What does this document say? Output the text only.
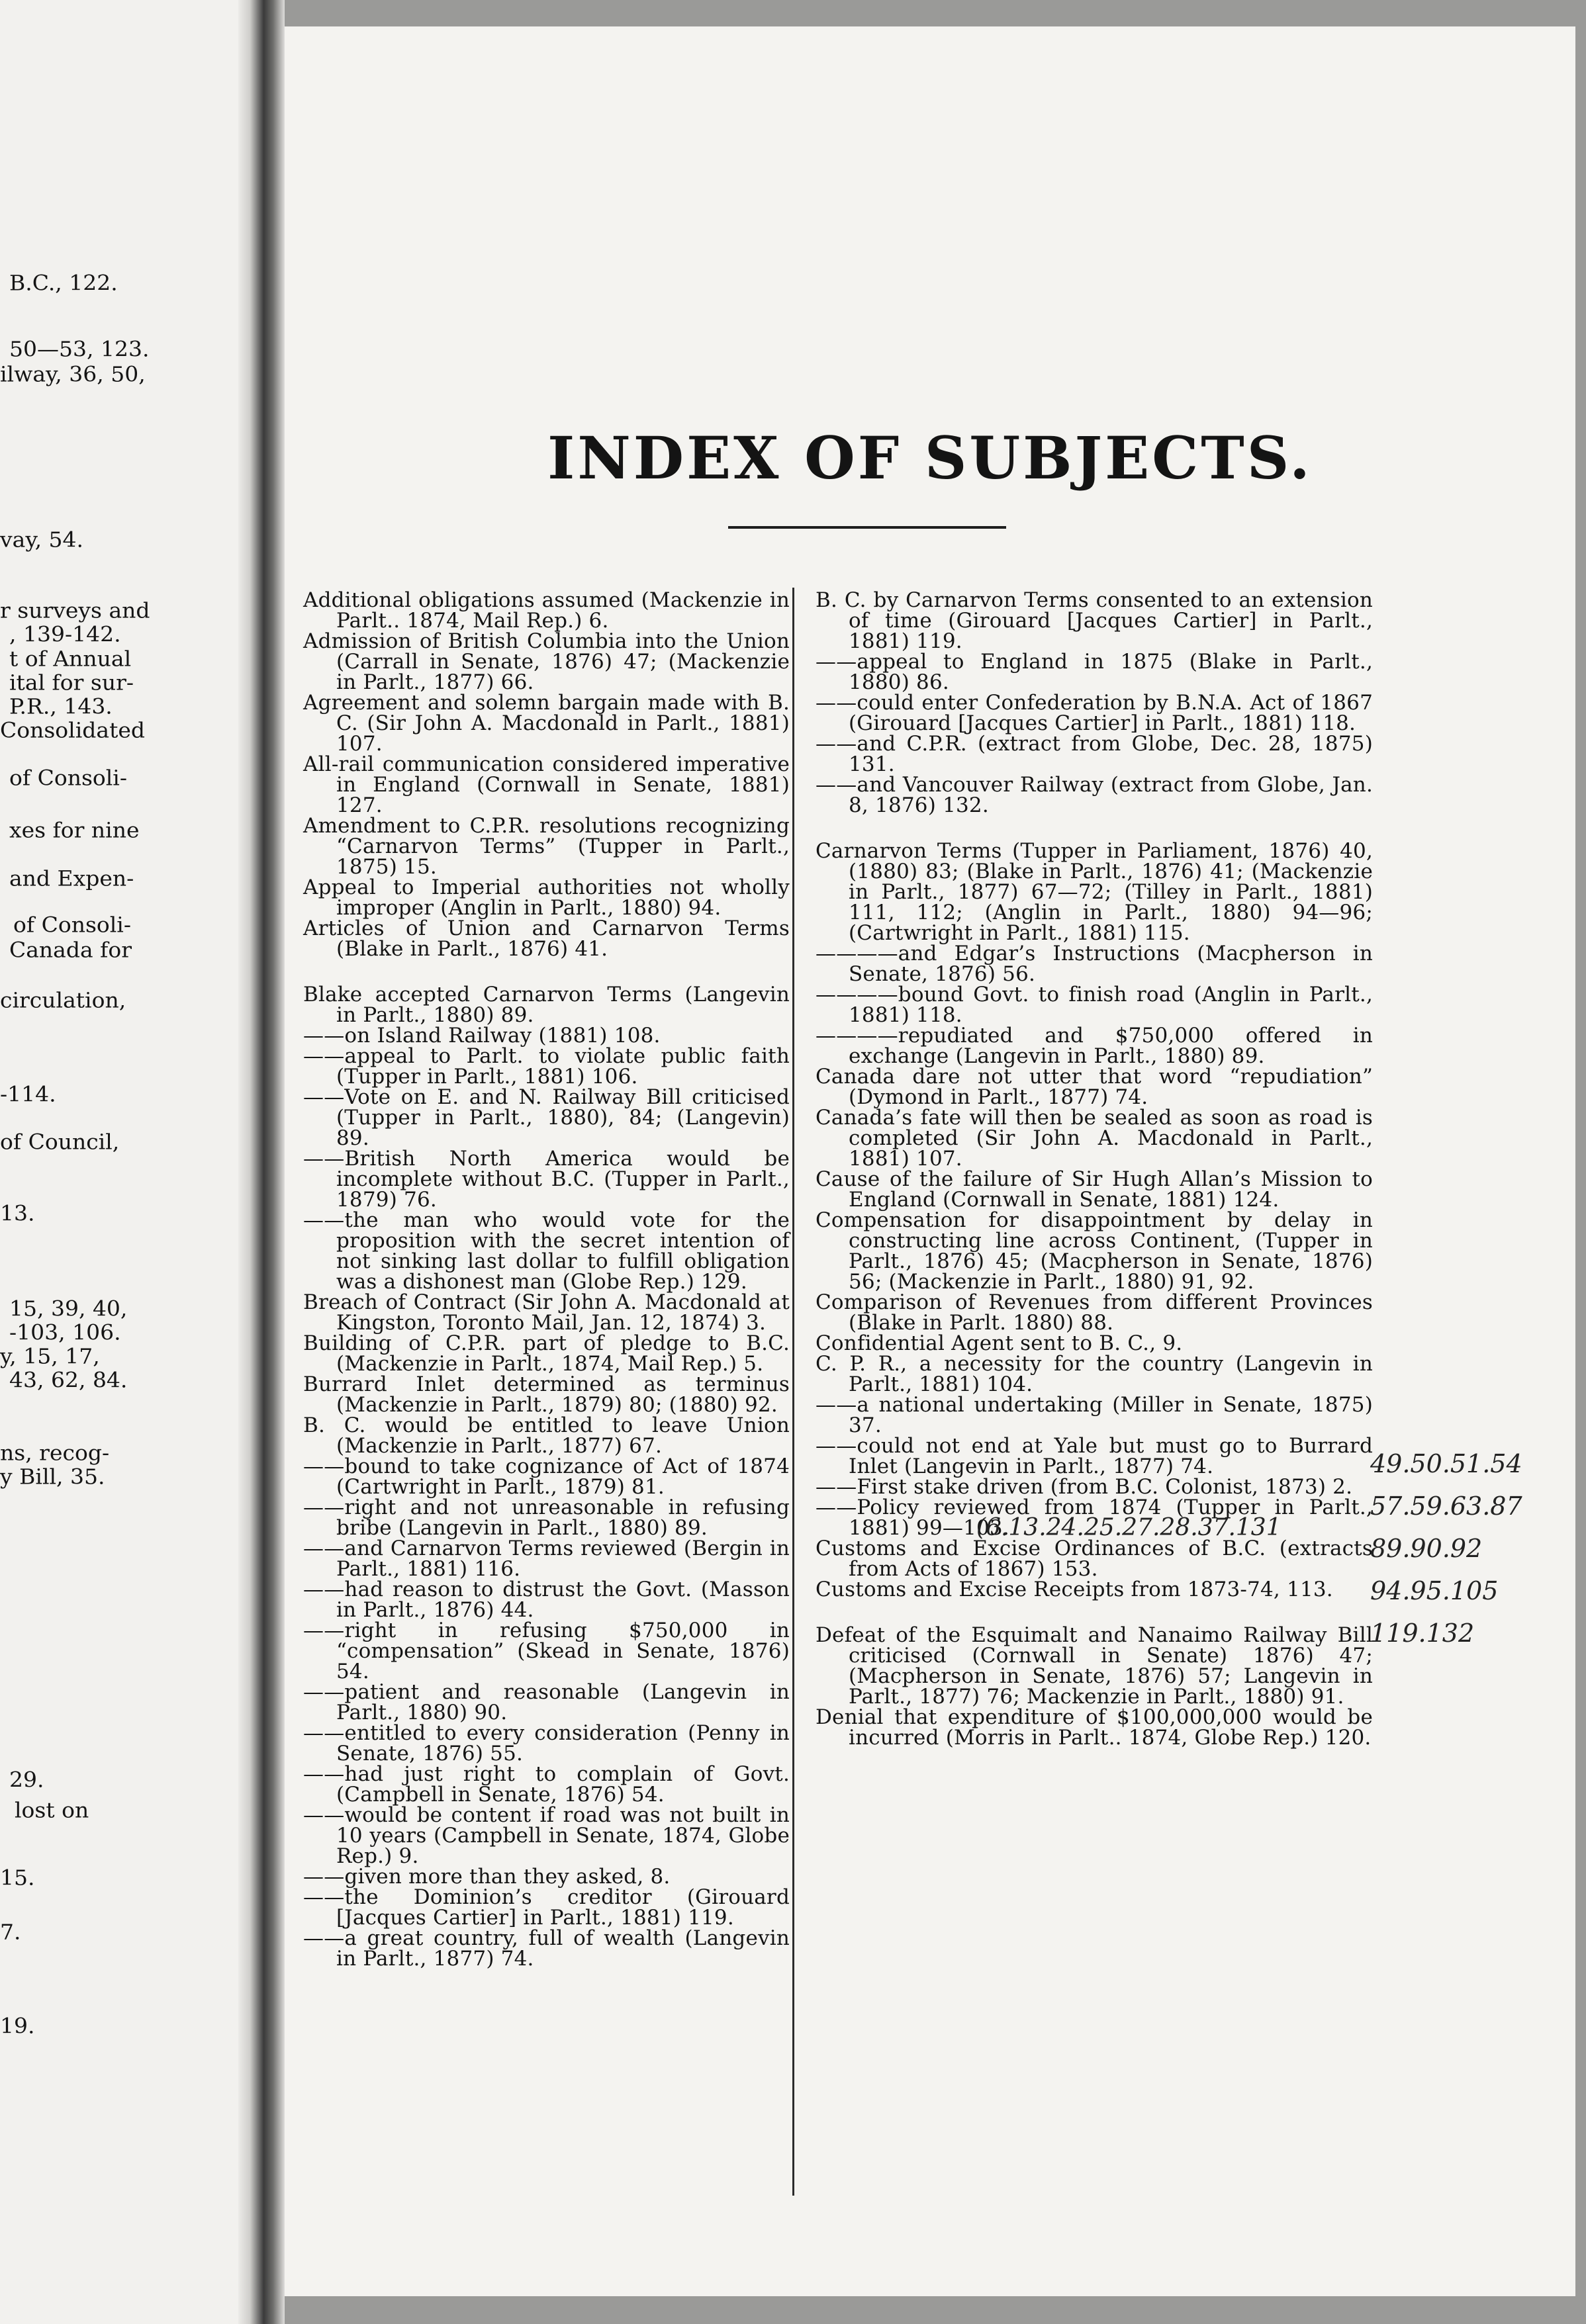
B.C., 122.
50—53, 123.
ilway, 36, 50,
vay, 54.
r surveys and
, 139-142.
t of Annual
ital for sur-
P.R., 143.
Consolidated
of Consoli-
xes for nine
and Expen-
of Consoli-
Canada for
circulation,
-114.
of Council,
13.
15, 39, 40,
-103, 106.
y, 15, 17,
43, 62, 84.
ns, recog-
y Bill, 35.
29.
lost on
15.
7.
19.
INDEX OF SUBJECTS.

Additional obligations assumed (Mackenzie in Parlt.. 1874, Mail Rep.) 6.

Admission of British Columbia into the Union (Carrall in Senate, 1876) 47; (Mackenzie in Parlt., 1877) 66.

Agreement and solemn bargain made with B. C. (Sir John A. Macdonald in Parlt., 1881) 107.

All-rail communication considered imperative in England (Cornwall in Senate, 1881) 127.

Amendment to C.P.R. resolutions recognizing “Carnarvon Terms” (Tupper in Parlt., 1875) 15.

Appeal to Imperial authorities not wholly improper (Anglin in Parlt., 1880) 94.

Articles of Union and Carnarvon Terms (Blake in Parlt., 1876) 41.

Blake accepted Carnarvon Terms (Langevin in Parlt., 1880) 89.

——on Island Railway (1881) 108.

——appeal to Parlt. to violate public faith (Tupper in Parlt., 1881) 106.

——Vote on E. and N. Railway Bill criticised (Tupper in Parlt., 1880), 84; (Langevin) 89.

——British North America would be incomplete without B.C. (Tupper in Parlt., 1879) 76.

——the man who would vote for the proposition with the secret intention of not sinking last dollar to fulfill obligation was a dishonest man (Globe Rep.) 129.

Breach of Contract (Sir John A. Macdonald at Kingston, Toronto Mail, Jan. 12, 1874) 3.

Building of C.P.R. part of pledge to B.C. (Mackenzie in Parlt., 1874, Mail Rep.) 5.

Burrard Inlet determined as terminus (Mackenzie in Parlt., 1879) 80; (1880) 92.

B. C. would be entitled to leave Union (Mackenzie in Parlt., 1877) 67.

——bound to take cognizance of Act of 1874 (Cartwright in Parlt., 1879) 81.

——right and not unreasonable in refusing bribe (Langevin in Parlt., 1880) 89.

——and Carnarvon Terms reviewed (Bergin in Parlt., 1881) 116.

——had reason to distrust the Govt. (Masson in Parlt., 1876) 44.

——right in refusing $750,000 in “compensation” (Skead in Senate, 1876) 54.

——patient and reasonable (Langevin in Parlt., 1880) 90.

——entitled to every consideration (Penny in Senate, 1876) 55.

——had just right to complain of Govt. (Campbell in Senate, 1876) 54.

——would be content if road was not built in 10 years (Campbell in Senate, 1874, Globe Rep.) 9.

——given more than they asked, 8.

——the Dominion’s creditor (Girouard [Jacques Cartier] in Parlt., 1881) 119.

——a great country, full of wealth (Langevin in Parlt., 1877) 74.

B. C. by Carnarvon Terms consented to an extension of time (Girouard [Jacques Cartier] in Parlt., 1881) 119.

——appeal to England in 1875 (Blake in Parlt., 1880) 86.

——could enter Confederation by B.N.A. Act of 1867 (Girouard [Jacques Cartier] in Parlt., 1881) 118.

——and C.P.R. (extract from Globe, Dec. 28, 1875) 131.

——and Vancouver Railway (extract from Globe, Jan. 8, 1876) 132.

Carnarvon Terms (Tupper in Parliament, 1876) 40, (1880) 83; (Blake in Parlt., 1876) 41; (Mackenzie in Parlt., 1877) 67—72; (Tilley in Parlt., 1881) 111, 112; (Anglin in Parlt., 1880) 94—96; (Cartwright in Parlt., 1881) 115.

————and Edgar’s Instructions (Macpherson in Senate, 1876) 56.

————bound Govt. to finish road (Anglin in Parlt., 1881) 118.

————repudiated and $750,000 offered in exchange (Langevin in Parlt., 1880) 89.

Canada dare not utter that word “repudiation” (Dymond in Parlt., 1877) 74.

Canada’s fate will then be sealed as soon as road is completed (Sir John A. Macdonald in Parlt., 1881) 107.

Cause of the failure of Sir Hugh Allan’s Mission to England (Cornwall in Senate, 1881) 124.

Compensation for disappointment by delay in constructing line across Continent, (Tupper in Parlt., 1876) 45; (Macpherson in Senate, 1876) 56; (Mackenzie in Parlt., 1880) 91, 92.

Comparison of Revenues from different Provinces (Blake in Parlt. 1880) 88.

Confidential Agent sent to B. C., 9.

C. P. R., a necessity for the country (Langevin in Parlt., 1881) 104.

——a national undertaking (Miller in Senate, 1875) 37.

——could not end at Yale but must go to Burrard Inlet (Langevin in Parlt., 1877) 74.

——First stake driven (from B.C. Colonist, 1873) 2.

——Policy reviewed from 1874 (Tupper in Parlt., 1881) 99—103.

Customs and Excise Ordinances of B.C. (extracts from Acts of 1867) 153.

Customs and Excise Receipts from 1873-74, 113.

Defeat of the Esquimalt and Nanaimo Railway Bill criticised (Cornwall in Senate) 1876) 47; (Macpherson in Senate, 1876) 57; Langevin in Parlt., 1877) 76; Mackenzie in Parlt., 1880) 91.

Denial that expenditure of $100,000,000 would be incurred (Morris in Parlt.. 1874, Globe Rep.) 120.

(6.13.24.25.27.28.37.131
49.50.51.54
57.59.63.87
89.90.92
94.95.105
119.132
